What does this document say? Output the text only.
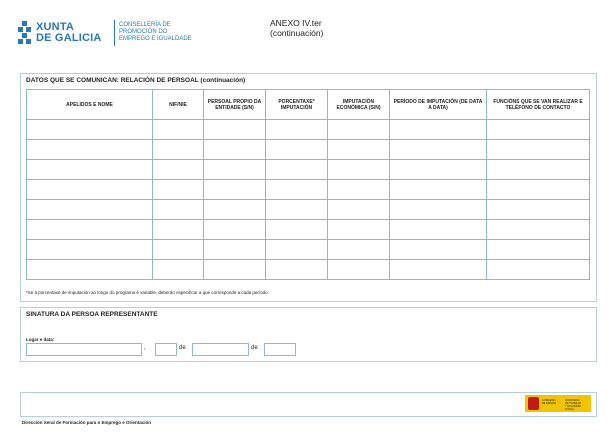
XUNTA
DE GALICIA
CONSELLERÍA DE
PROMOCIÓN DO
EMPREGO E IGUALDADE
ANEXO IV.ter
(continuación)
DATOS QUE SE COMUNICAN: RELACIÓN DE PERSOAL (continuación)
APELIDOS E NOME	NIF/NIE	PERSOAL PROPIO DA ENTIDADE (S/N)	PORCENTAXE* IMPUTACIÓN	IMPUTACIÓN ECONÓMICA (S/N)	PERÍODO DE IMPUTACIÓN (DE DATA A DATA)	FUNCIÓNS QUE SE VAN REALIZAR E TELÉFONO DE CONTACTO

*Se a porcentaxe de imputación ao longo do programa é variable, deberán especificar a que corresponde a cada período
SINATURA DA PERSOA REPRESENTANTE
Lugar e data:
,	de	de
GOBIERNO
DE ESPAÑA
MINISTERIO
DE TRABAJO
Y ECONOMÍA SOCIAL
Dirección Xeral de Formación para o Emprego e Orientación
